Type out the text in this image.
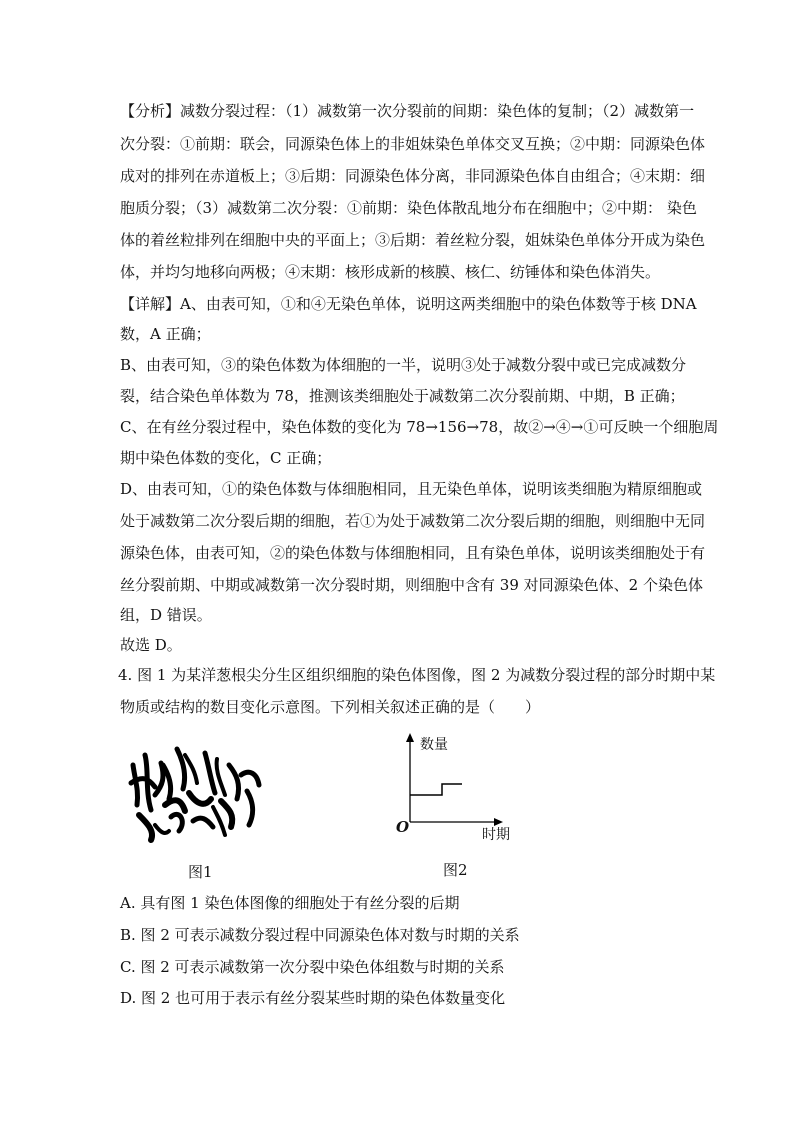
【分析】减数分裂过程：（1）减数第一次分裂前的间期：染色体的复制；（2）减数第一
次分裂：①前期：联会，同源染色体上的非姐妹染色单体交叉互换；②中期：同源染色体
成对的排列在赤道板上；③后期：同源染色体分离，非同源染色体自由组合；④末期：细
胞质分裂；（3）减数第二次分裂：①前期：染色体散乱地分布在细胞中；②中期： 染色
体的着丝粒排列在细胞中央的平面上；③后期：着丝粒分裂，姐妹染色单体分开成为染色
体，并均匀地移向两极；④末期：核形成新的核膜、核仁、纺锤体和染色体消失。
【详解】A、由表可知，①和④无染色单体，说明这两类细胞中的染色体数等于核 DNA
数，A 正确；
B、由表可知，③的染色体数为体细胞的一半，说明③处于减数分裂中或已完成减数分
裂，结合染色单体数为 78，推测该类细胞处于减数第二次分裂前期、中期，B 正确；
C、在有丝分裂过程中，染色体数的变化为 78→156→78，故②→④→①可反映一个细胞周
期中染色体数的变化，C 正确；
D、由表可知，①的染色体数与体细胞相同，且无染色单体，说明该类细胞为精原细胞或
处于减数第二次分裂后期的细胞，若①为处于减数第二次分裂后期的细胞，则细胞中无同
源染色体，由表可知，②的染色体数与体细胞相同，且有染色单体，说明该类细胞处于有
丝分裂前期、中期或减数第一次分裂时期，则细胞中含有 39 对同源染色体、2 个染色体
组，D 错误。
故选 D。
4. 图 1 为某洋葱根尖分生区组织细胞的染色体图像，图 2 为减数分裂过程的部分时期中某
物质或结构的数目变化示意图。下列相关叙述正确的是（　　）
图1
数量
O	时期
图2
A. 具有图 1 染色体图像的细胞处于有丝分裂的后期
B. 图 2 可表示减数分裂过程中同源染色体对数与时期的关系
C. 图 2 可表示减数第一次分裂中染色体组数与时期的关系
D. 图 2 也可用于表示有丝分裂某些时期的染色体数量变化
